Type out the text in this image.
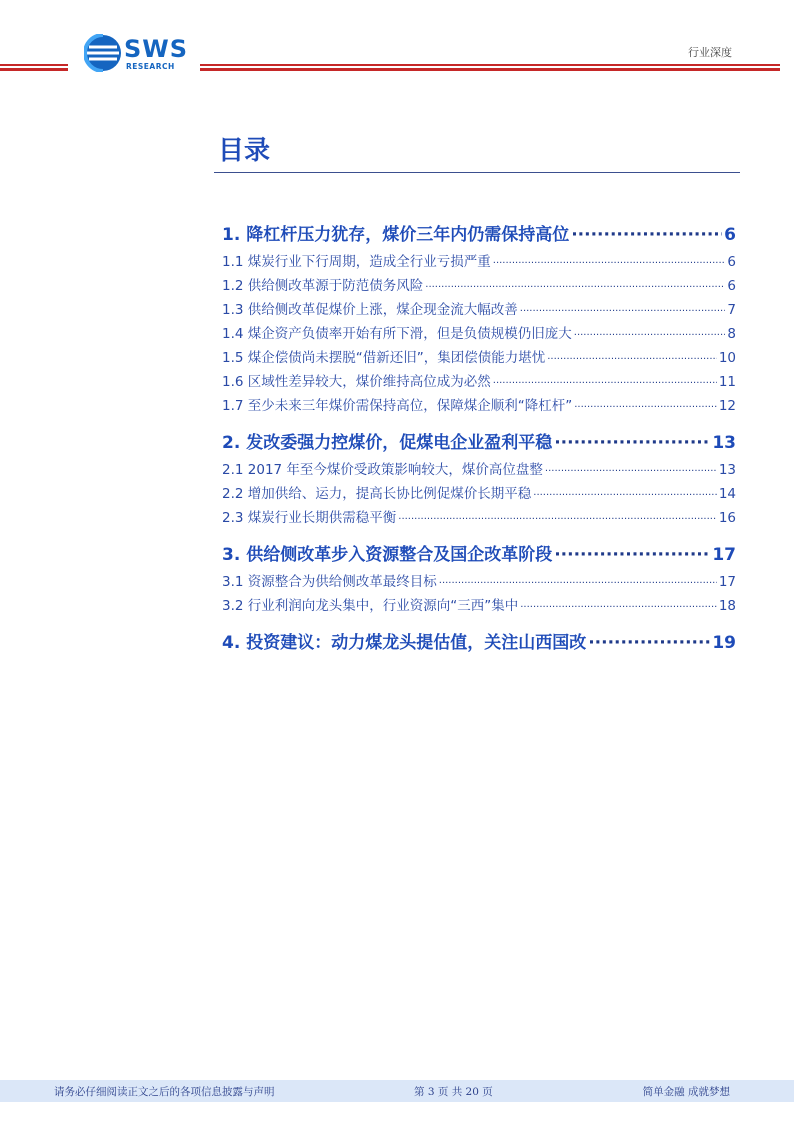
SWS
RESEARCH
行业深度
目录
1. 降杠杆压力犹存，煤价三年内仍需保持高位 ·····	6
1.1 煤炭行业下行周期，造成全行业亏损严重 ·····	6
1.2 供给侧改革源于防范债务风险 ·····	6
1.3 供给侧改革促煤价上涨，煤企现金流大幅改善 ·····	7
1.4 煤企资产负债率开始有所下滑，但是负债规模仍旧庞大 ·····	8
1.5 煤企偿债尚未摆脱“借新还旧”，集团偿债能力堪忧 ·····	10
1.6 区域性差异较大，煤价维持高位成为必然 ·····	11
1.7 至少未来三年煤价需保持高位，保障煤企顺利“降杠杆” ·····	12
2. 发改委强力控煤价，促煤电企业盈利平稳 ·····	13
2.1 2017 年至今煤价受政策影响较大，煤价高位盘整 ·····	13
2.2 增加供给、运力，提高长协比例促煤价长期平稳 ·····	14
2.3 煤炭行业长期供需稳平衡 ·····	16
3. 供给侧改革步入资源整合及国企改革阶段 ·····	17
3.1 资源整合为供给侧改革最终目标 ·····	17
3.2 行业利润向龙头集中，行业资源向“三西”集中 ·····	18
4. 投资建议：动力煤龙头提估值，关注山西国改 ·····	19
请务必仔细阅读正文之后的各项信息披露与声明	第 3 页 共 20 页	简单金融 成就梦想
